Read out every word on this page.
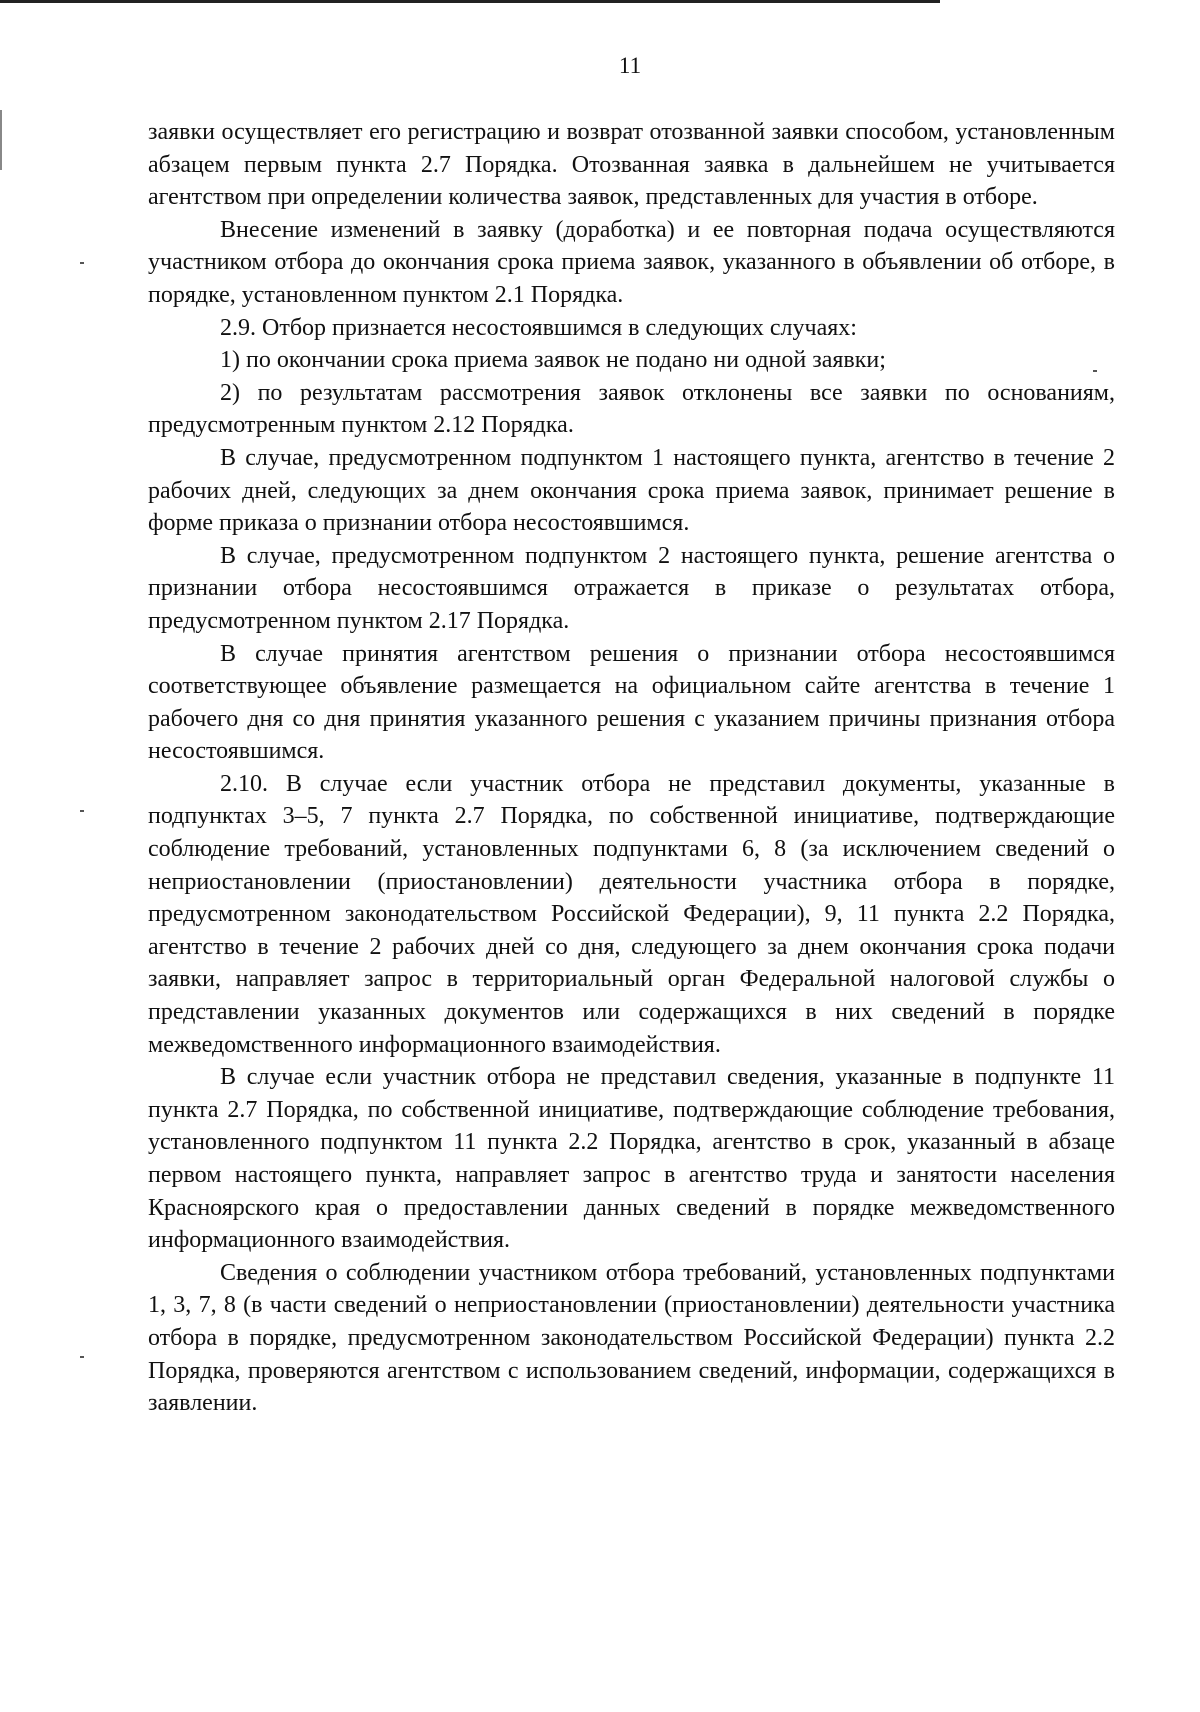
11

заявки осуществляет его регистрацию и возврат отозванной заявки способом, установленным абзацем первым пункта 2.7 Порядка. Отозванная заявка в дальнейшем не учитывается агентством при определении количества заявок, представленных для участия в отборе.

Внесение изменений в заявку (доработка) и ее повторная подача осуществляются участником отбора до окончания срока приема заявок, указанного в объявлении об отборе, в порядке, установленном пунктом 2.1 Порядка.

2.9. Отбор признается несостоявшимся в следующих случаях:

1) по окончании срока приема заявок не подано ни одной заявки;

2) по результатам рассмотрения заявок отклонены все заявки по основаниям, предусмотренным пунктом 2.12 Порядка.

В случае, предусмотренном подпунктом 1 настоящего пункта, агентство в течение 2 рабочих дней, следующих за днем окончания срока приема заявок, принимает решение в форме приказа о признании отбора несостоявшимся.

В случае, предусмотренном подпунктом 2 настоящего пункта, решение агентства о признании отбора несостоявшимся отражается в приказе о результатах отбора, предусмотренном пунктом 2.17 Порядка.

В случае принятия агентством решения о признании отбора несостоявшимся соответствующее объявление размещается на официальном сайте агентства в течение 1 рабочего дня со дня принятия указанного решения с указанием причины признания отбора несостоявшимся.

2.10. В случае если участник отбора не представил документы, указанные в подпунктах 3–5, 7 пункта 2.7 Порядка, по собственной инициативе, подтверждающие соблюдение требований, установленных подпунктами 6, 8 (за исключением сведений о неприостановлении (приостановлении) деятельности участника отбора в порядке, предусмотренном законодательством Российской Федерации), 9, 11 пункта 2.2 Порядка, агентство в течение 2 рабочих дней со дня, следующего за днем окончания срока подачи заявки, направляет запрос в территориальный орган Федеральной налоговой службы о представлении указанных документов или содержащихся в них сведений в порядке межведомственного информационного взаимодействия.

В случае если участник отбора не представил сведения, указанные в подпункте 11 пункта 2.7 Порядка, по собственной инициативе, подтверждающие соблюдение требования, установленного подпунктом 11 пункта 2.2 Порядка, агентство в срок, указанный в абзаце первом настоящего пункта, направляет запрос в агентство труда и занятости населения Красноярского края о предоставлении данных сведений в порядке межведомственного информационного взаимодействия.

Сведения о соблюдении участником отбора требований, установленных подпунктами 1, 3, 7, 8 (в части сведений о неприостановлении (приостановлении) деятельности участника отбора в порядке, предусмотренном законодательством Российской Федерации) пункта 2.2 Порядка, проверяются агентством с использованием сведений, информации, содержащихся в заявлении.
